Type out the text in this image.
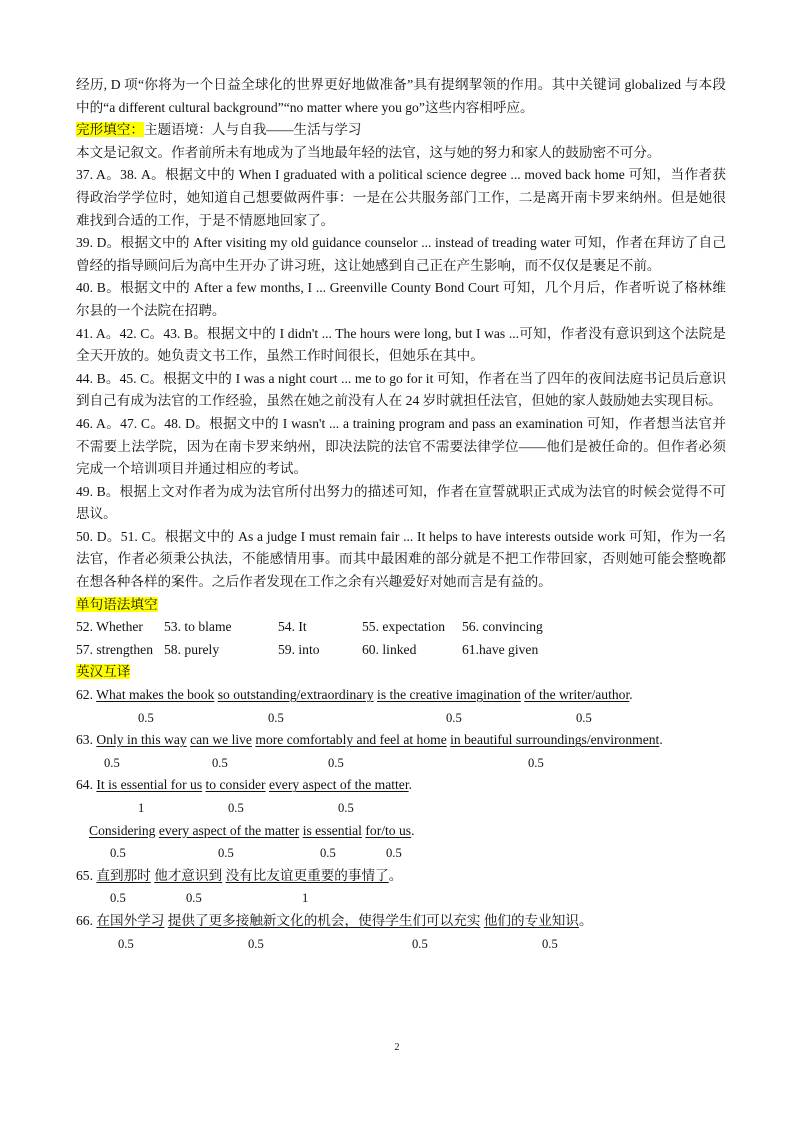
经历, D 项“你将为一个日益全球化的世界更好地做准备”具有提纲挈领的作用。其中关键词 globalized 与本段中的“a different cultural background”“no matter where you go”这些内容相呼应。

完形填空：主题语境：人与自我——生活与学习

本文是记叙文。作者前所未有地成为了当地最年轻的法官，这与她的努力和家人的鼓励密不可分。

37. A。38. A。根据文中的 When I graduated with a political science degree ... moved back home 可知，当作者获得政治学学位时，她知道自己想要做两件事：一是在公共服务部门工作，二是离开南卡罗来纳州。但是她很难找到合适的工作，于是不情愿地回家了。

39. D。根据文中的 After visiting my old guidance counselor ... instead of treading water 可知，作者在拜访了自己曾经的指导顾问后为高中生开办了讲习班，这让她感到自己正在产生影响，而不仅仅是裹足不前。

40. B。根据文中的 After a few months, I ... Greenville County Bond Court 可知，几个月后，作者听说了格林维尔县的一个法院在招聘。

41. A。42. C。43. B。根据文中的 I didn't ... The hours were long, but I was ...可知，作者没有意识到这个法院是全天开放的。她负责文书工作，虽然工作时间很长，但她乐在其中。

44. B。45. C。根据文中的 I was a night court ... me to go for it 可知，作者在当了四年的夜间法庭书记员后意识到自己有成为法官的工作经验，虽然在她之前没有人在 24 岁时就担任法官，但她的家人鼓励她去实现目标。

46. A。47. C。48. D。根据文中的 I wasn't ... a training program and pass an examination 可知，作者想当法官并不需要上法学院，因为在南卡罗来纳州，即决法院的法官不需要法律学位——他们是被任命的。但作者必须完成一个培训项目并通过相应的考试。

49. B。根据上文对作者为成为法官所付出努力的描述可知，作者在宣誓就职正式成为法官的时候会觉得不可思议。

50. D。51. C。根据文中的 As a judge I must remain fair ... It helps to have interests outside work 可知，作为一名法官，作者必须秉公执法，不能感情用事。而其中最困难的部分就是不把工作带回家，否则她可能会整晚都在想各种各样的案件。之后作者发现在工作之余有兴趣爱好对她而言是有益的。

单句语法填空

52. Whether	53. to blame	54. It	55. expectation	56. convincing
57. strengthen 58. purely	59. into	60. linked	61.have given

英汉互译

62. What makes the book so outstanding/extraordinary is the creative imagination of the writer/author.
0.5	0.5	0.5	0.5
63. Only in this way can we live more comfortably and feel at home in beautiful surroundings/environment.
0.5	0.5	0.5	0.5
64. It is essential for us to consider every aspect of the matter.
1	0.5	0.5
Considering every aspect of the matter is essential for/to us.
0.5	0.5	0.5	0.5
65. 直到那时 他才意识到 没有比友谊更重要的事情了。
0.5	0.5	1
66. 在国外学习 提供了更多接触新文化的机会，使得学生们可以充实 他们的专业知识。
0.5	0.5	0.5	0.5
2
